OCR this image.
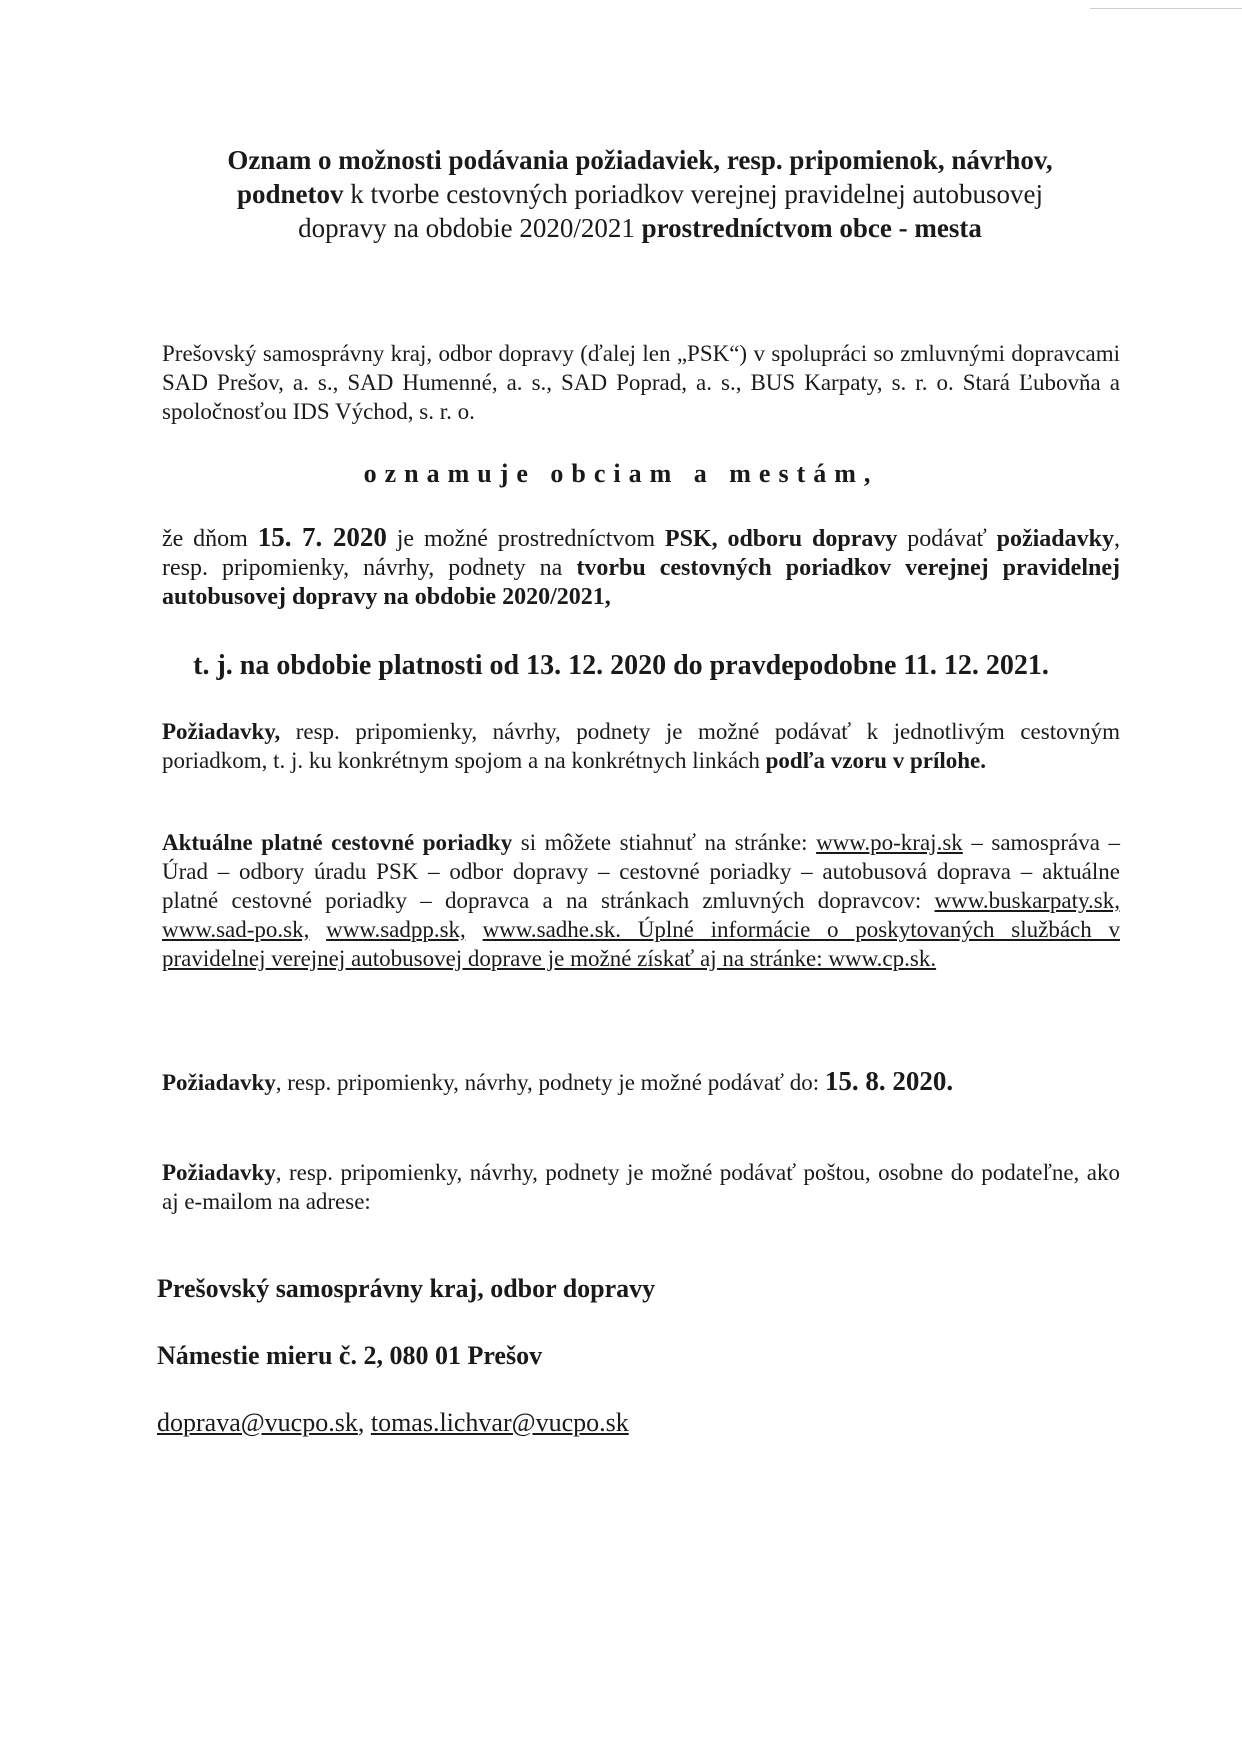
Oznam o možnosti podávania požiadaviek, resp. pripomienok, návrhov,
podnetov k tvorbe cestovných poriadkov verejnej pravidelnej autobusovej
dopravy na obdobie 2020/2021 prostredníctvom obce - mesta
Prešovský samosprávny kraj, odbor dopravy (ďalej len „PSK“) v spolupráci so zmluvnými dopravcami SAD Prešov, a. s., SAD Humenné, a. s., SAD Poprad, a. s., BUS Karpaty, s. r. o. Stará Ľubovňa a spoločnosťou IDS Východ, s. r. o.
oznamuje obciam a mestám,
že dňom 15. 7. 2020 je možné prostredníctvom PSK, odboru dopravy podávať požiadavky, resp. pripomienky, návrhy, podnety na tvorbu cestovných poriadkov verejnej pravidelnej autobusovej dopravy na obdobie 2020/2021,
t. j. na obdobie platnosti od 13. 12. 2020 do pravdepodobne 11. 12. 2021.
Požiadavky, resp. pripomienky, návrhy, podnety je možné podávať k jednotlivým cestovným poriadkom, t. j. ku konkrétnym spojom a na konkrétnych linkách podľa vzoru v prílohe.
Aktuálne platné cestovné poriadky si môžete stiahnuť na stránke: www.po-kraj.sk – samospráva – Úrad – odbory úradu PSK – odbor dopravy – cestovné poriadky – autobusová doprava – aktuálne platné cestovné poriadky – dopravca a na stránkach zmluvných dopravcov: www.buskarpaty.sk, www.sad-po.sk, www.sadpp.sk, www.sadhe.sk. Úplné informácie o poskytovaných službách v pravidelnej verejnej autobusovej doprave je možné získať aj na stránke: www.cp.sk.
Požiadavky, resp. pripomienky, návrhy, podnety je možné podávať do: 15. 8. 2020.
Požiadavky, resp. pripomienky, návrhy, podnety je možné podávať poštou, osobne do podateľne, ako aj e-mailom na adrese:
Prešovský samosprávny kraj, odbor dopravy
Námestie mieru č. 2, 080 01 Prešov
doprava@vucpo.sk, tomas.lichvar@vucpo.sk
